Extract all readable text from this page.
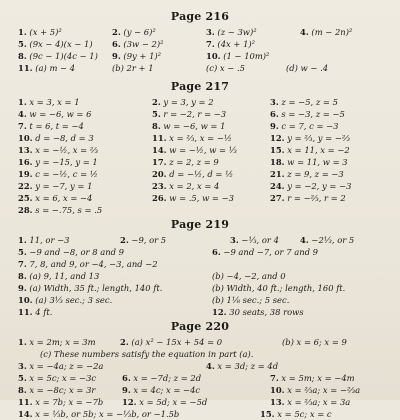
Page 216
1. (x + 5)²	2. (y − 6)²	3. (z − 3w)²	4. (m − 2n)²
5. (9x − 4)(x − 1) 6. (3w − 2)²	7. (4x + 1)²
8. (9c − 1)(4c − 1) 9. (9y + 1)²	10. (1 − 10m)²
11. (a) m − 4	(b) 2r + 1	(c) x − .5	(d) w − .4
Page 217
1. x = 3, x = 1	2. y = 3, y = 2	3. z = −5, z = 5
4. w = −6, w = 6	5. r = −2, r = −3	6. s = −3, z = −5
7. t = 6, t = −4	8. w = −6, w = 1	9. c = 7, c = −3
10. d = −8, d = 3	11. x = ⅔, x = −½	12. y = ⅔, y = −⅔
13. x = −½, x = ⅔	14. w = −½, w = ⅓	15. x = 11, x = −2
16. y = −15, y = 1	17. z = 2, z = 9	18. w = 11, w = 3
19. c = −½, c = ½	20. d = −½, d = ½	21. z = 9, z = −3
22. y = −7, y = 1	23. x = 2, x = 4	24. y = −2, y = −3
25. x = 6, x = −4	26. w = .5, w = −3	27. r = −⅔, r = 2
28. s = −.75, s = .5
Page 219
1. 11, or −3	2. −9, or 5	3. −⅓, or 4	4. −2⅓, or 5
5. −9 and −8, or 8 and 9	6. −9 and −7, or 7 and 9
7. 7, 8, and 9, or −4, −3, and −2
8. (a) 9, 11, and 13	(b) −4, −2, and 0
9. (a) Width, 35 ft.; length, 140 ft.	(b) Width, 40 ft.; length, 160 ft.
10. (a) 3⅓ sec.; 3 sec.	(b) 1⅛ sec.; 5 sec.
11. 4 ft.	12. 30 seats, 38 rows
Page 220
1. x = 2m; x = 3m	2. (a) x² − 15x + 54 = 0	(b) x = 6; x = 9
(c) These numbers satisfy the equation in part (a).
3. x = −4a; z = −2a	4. x = 3d; z = 4d
5. x = 5c; x = −3c	6. x = −7d; z = 2d	7. x = 5m; x = −4m
8. x = −8c; x = 3r	9. x = 4c; x = −4c	10. x = ⅔a; x = −⅔a
11. x = 7b; x = −7b 12. x = 5d; x = −5d	13. x = ⅔a; x = 3a
14. x = ⅓b, or 5b; x = −⅓b, or −1.5b	15. x = 5c; x = c
